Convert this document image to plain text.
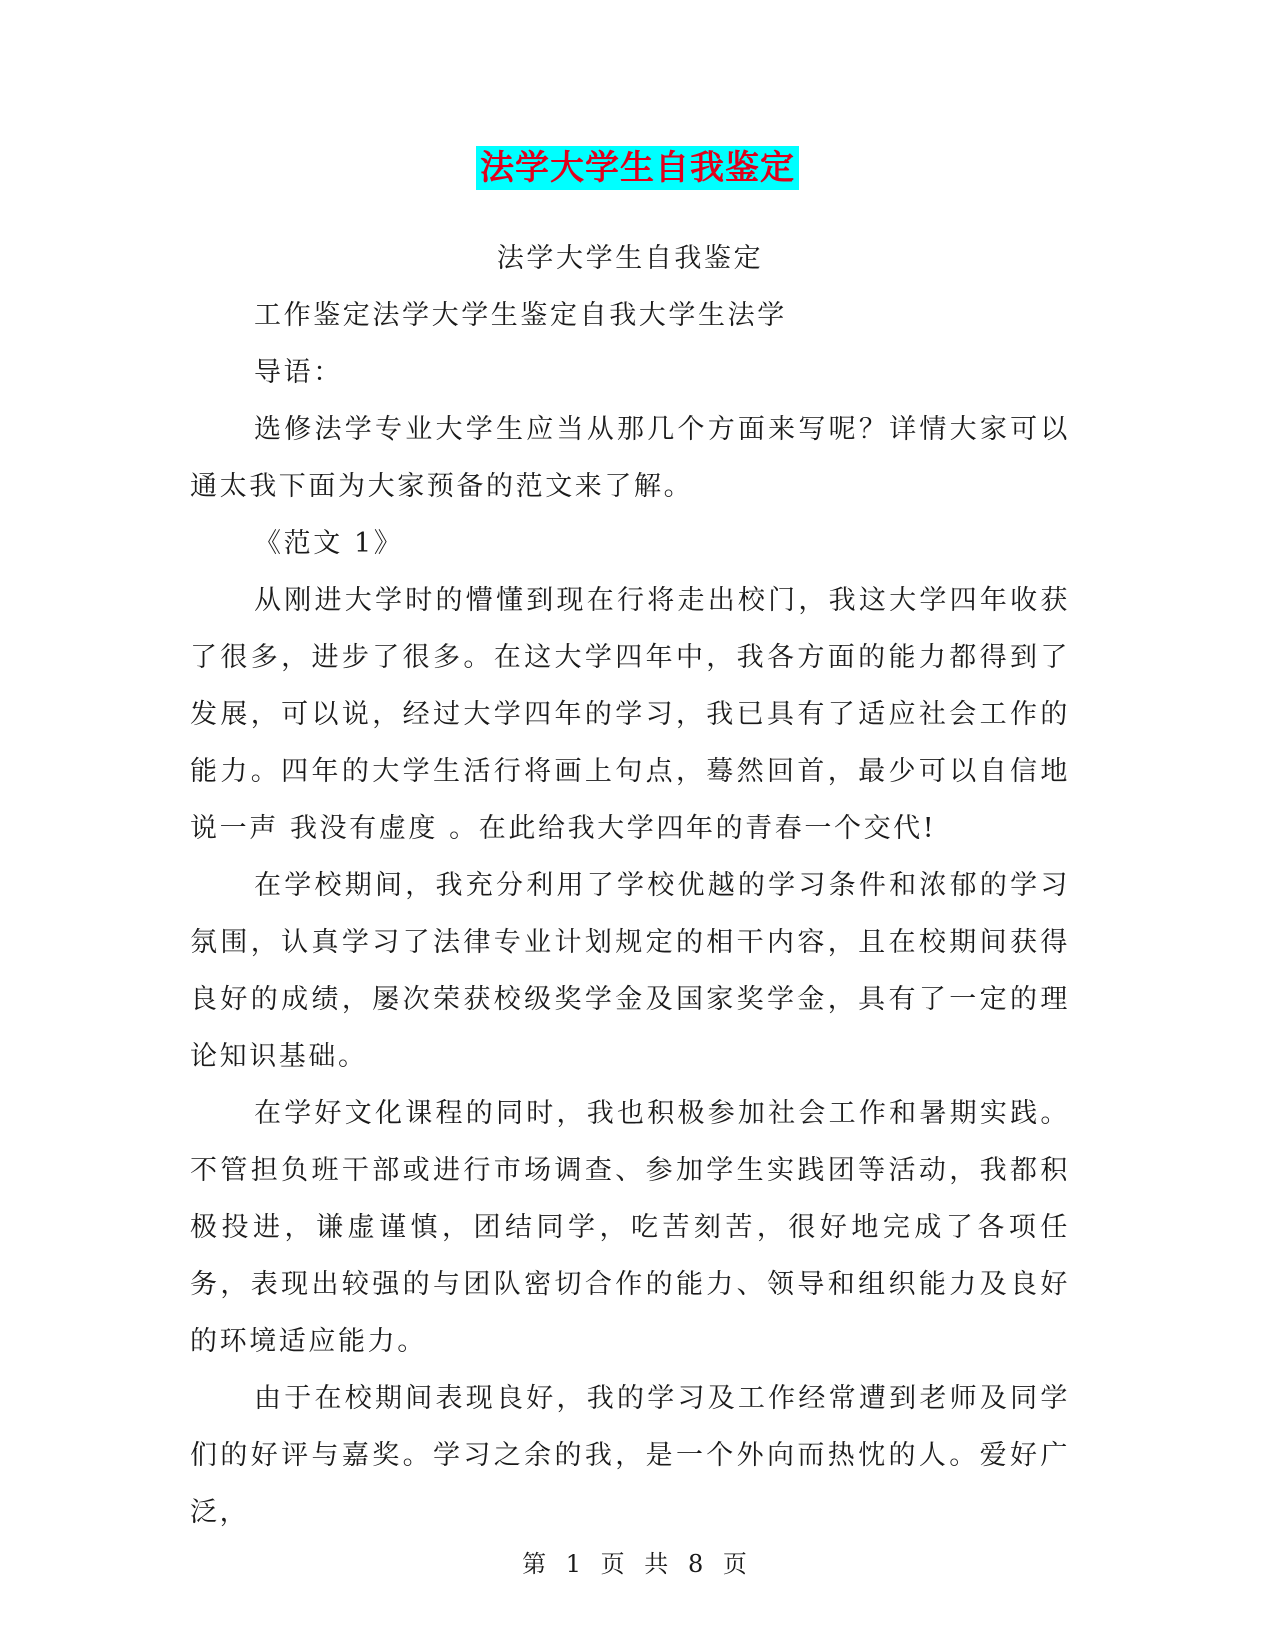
法学大学生自我鉴定

法学大学生自我鉴定

工作鉴定法学大学生鉴定自我大学生法学

导语：

选修法学专业大学生应当从那几个方面来写呢？详情大家可以通太我下面为大家预备的范文来了解。

《范文 1》

从刚进大学时的懵懂到现在行将走出校门，我这大学四年收获了很多，进步了很多。在这大学四年中，我各方面的能力都得到了发展，可以说，经过大学四年的学习，我已具有了适应社会工作的能力。四年的大学生活行将画上句点，蓦然回首，最少可以自信地说一声 我没有虚度 。在此给我大学四年的青春一个交代!

在学校期间，我充分利用了学校优越的学习条件和浓郁的学习氛围，认真学习了法律专业计划规定的相干内容，且在校期间获得良好的成绩，屡次荣获校级奖学金及国家奖学金，具有了一定的理论知识基础。

在学好文化课程的同时，我也积极参加社会工作和暑期实践。不管担负班干部或进行市场调查、参加学生实践团等活动，我都积极投进，谦虚谨慎，团结同学，吃苦刻苦，很好地完成了各项任务，表现出较强的与团队密切合作的能力、领导和组织能力及良好的环境适应能力。

由于在校期间表现良好，我的学习及工作经常遭到老师及同学们的好评与嘉奖。学习之余的我，是一个外向而热忱的人。爱好广泛，

第 1 页 共 8 页
